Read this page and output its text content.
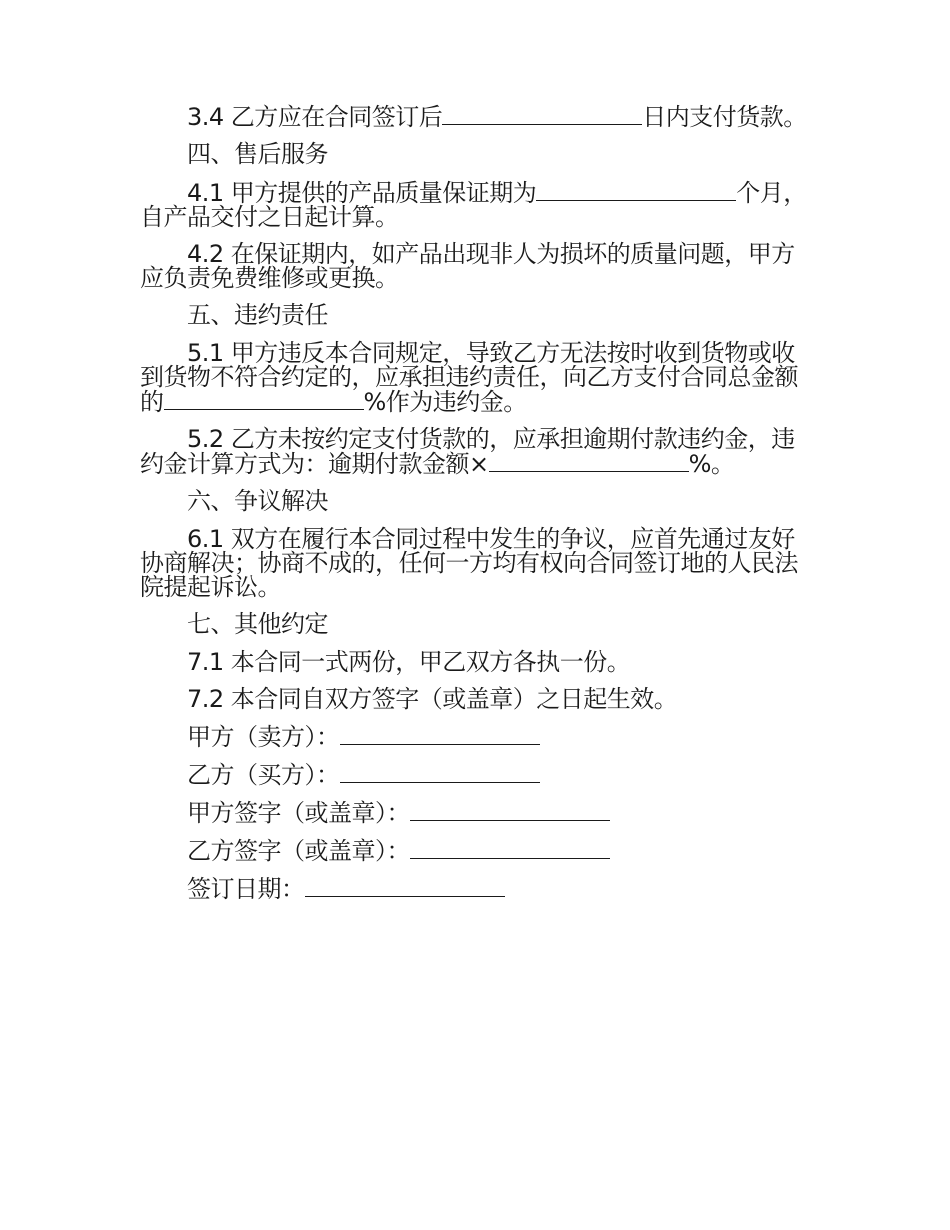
3.4 乙方应在合同签订后	日内支付货款。

四、售后服务

4.1 甲方提供的产品质量保证期为	个月，自产品交付之日起计算。

4.2 在保证期内，如产品出现非人为损坏的质量问题，甲方应负责免费维修或更换。

五、违约责任

5.1 甲方违反本合同规定，导致乙方无法按时收到货物或收到货物不符合约定的，应承担违约责任，向乙方支付合同总金额的	%作为违约金。

5.2 乙方未按约定支付货款的，应承担逾期付款违约金，违约金计算方式为：逾期付款金额×	%。

六、争议解决

6.1 双方在履行本合同过程中发生的争议，应首先通过友好协商解决；协商不成的，任何一方均有权向合同签订地的人民法院提起诉讼。

七、其他约定

7.1 本合同一式两份，甲乙双方各执一份。

7.2 本合同自双方签字（或盖章）之日起生效。

甲方（卖方）：
乙方（买方）：
甲方签字（或盖章）：
乙方签字（或盖章）：
签订日期：
